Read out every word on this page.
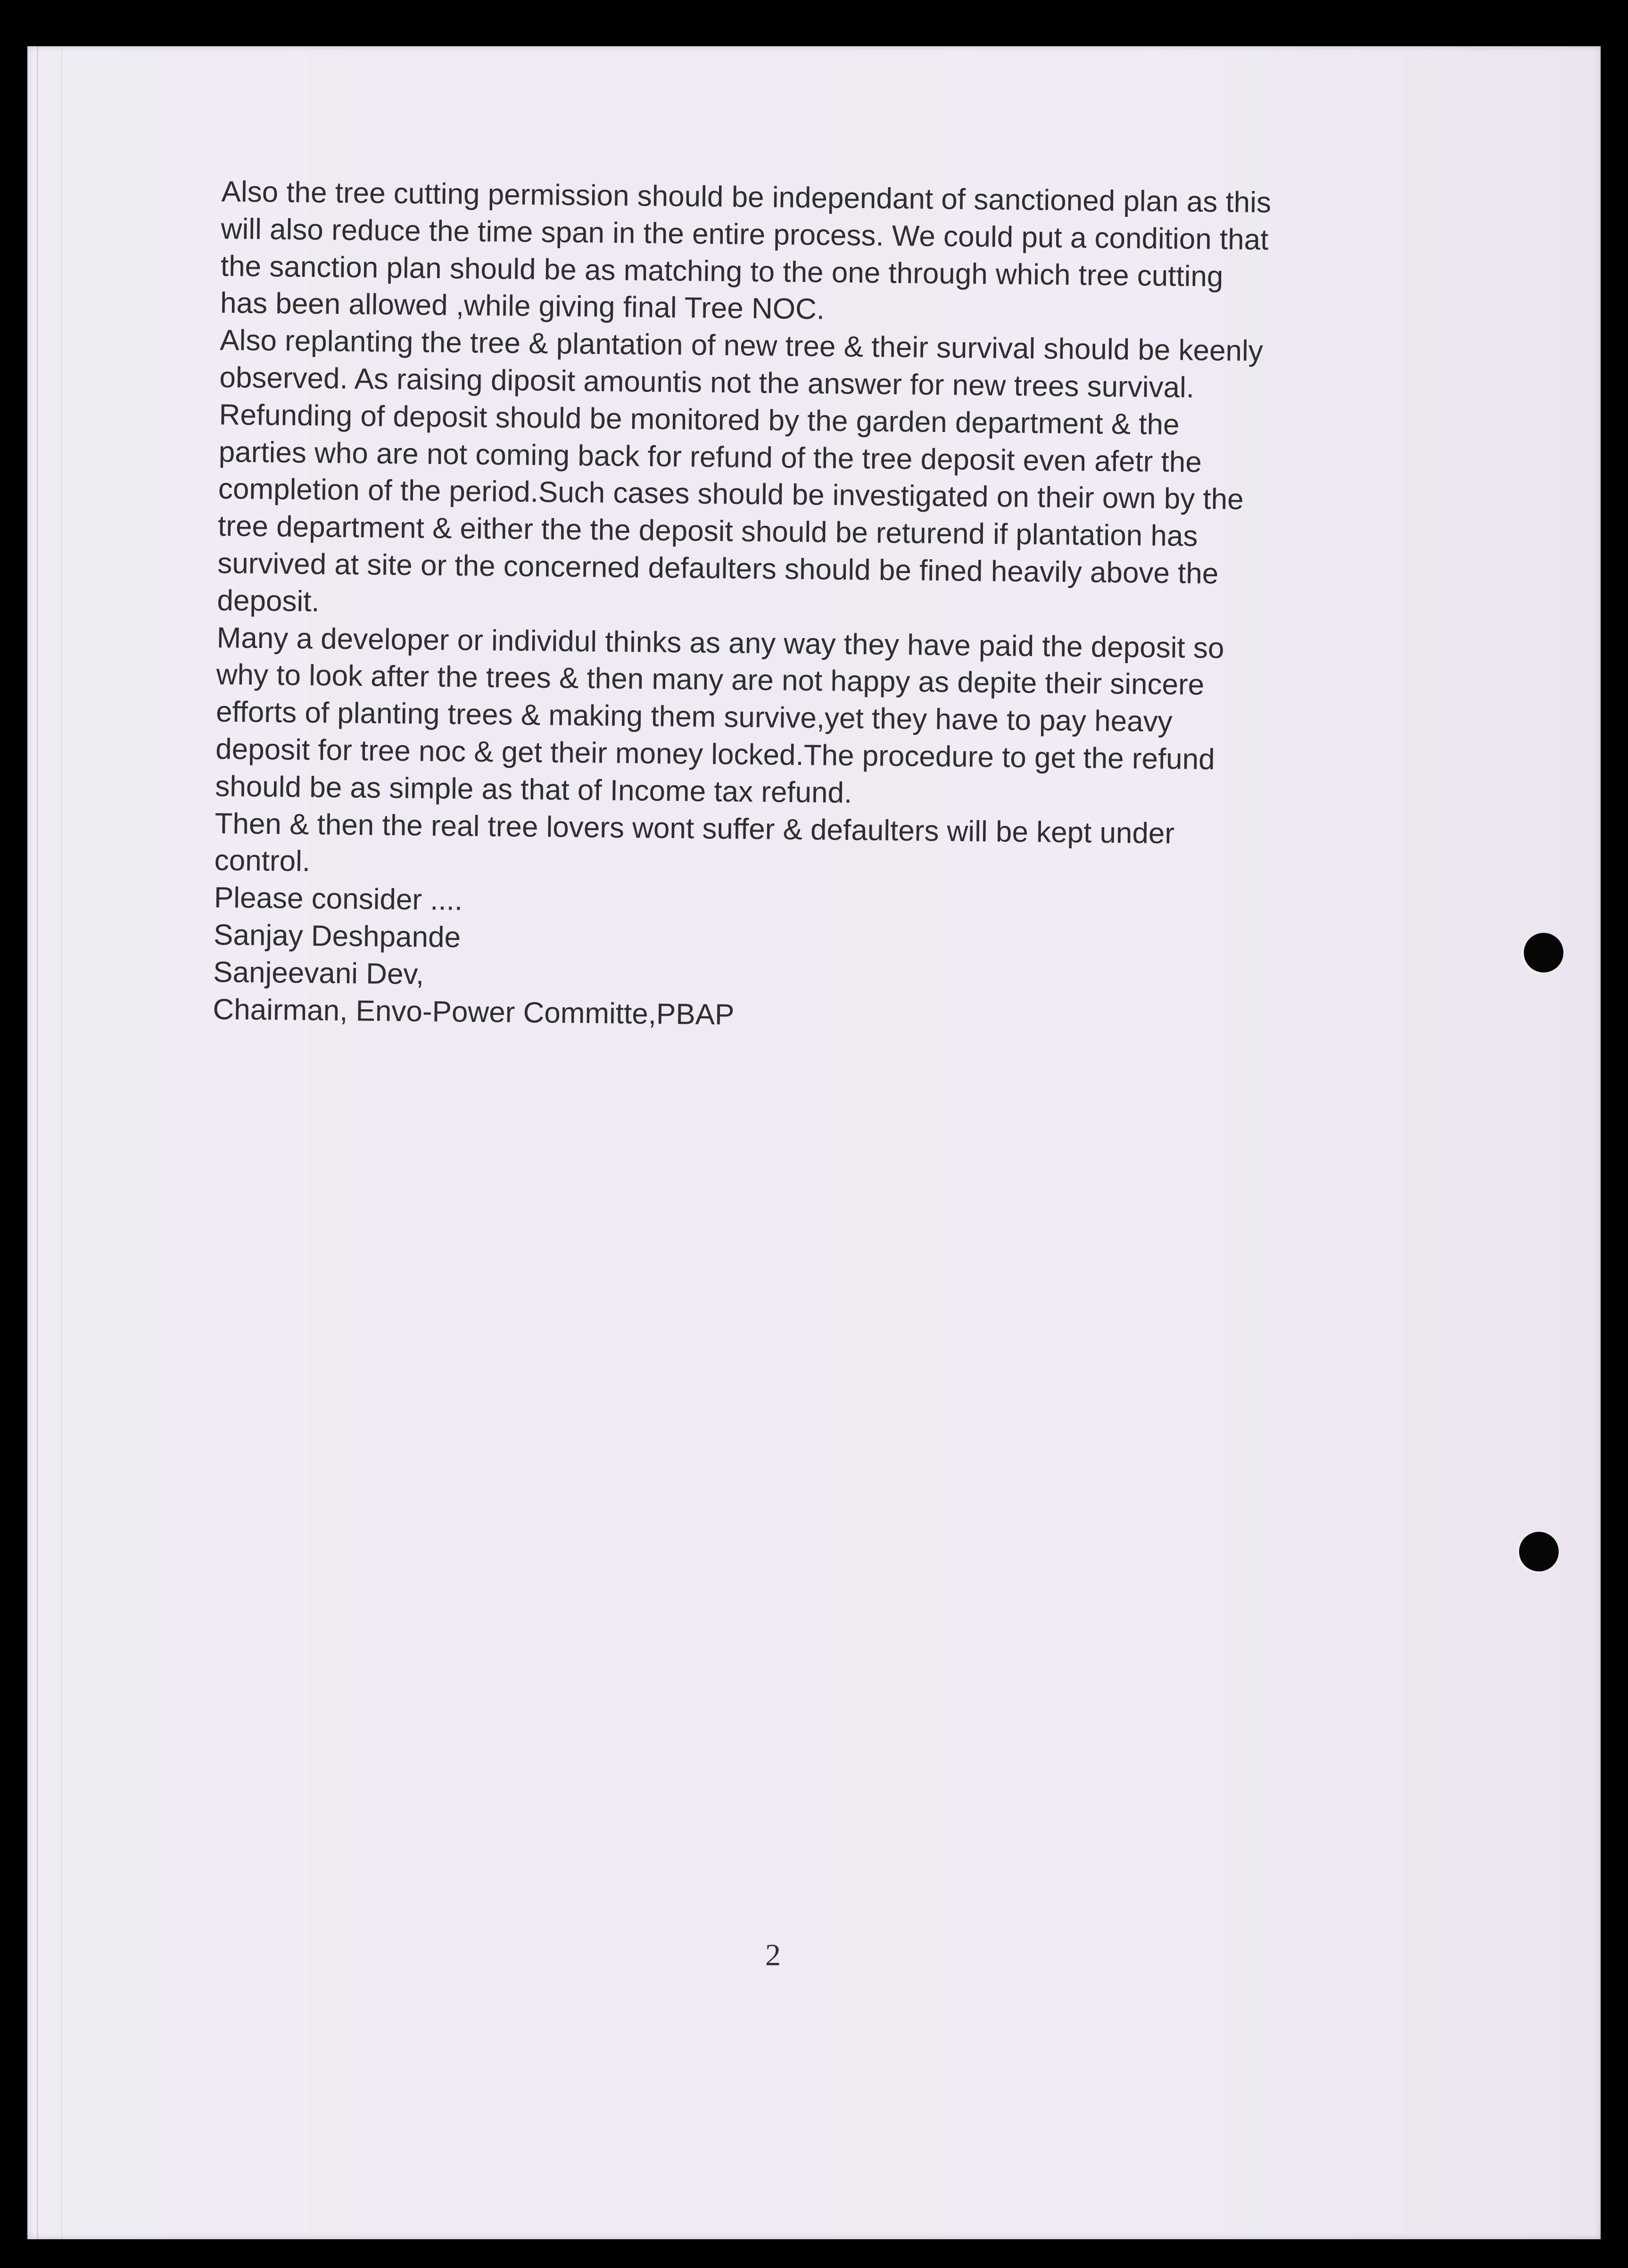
Also the tree cutting permission should be independant of sanctioned plan as this
will also reduce the time span in the entire process. We could put a condition that
the sanction plan should be as matching to the one through which tree cutting
has been allowed ,while giving final Tree NOC.
Also replanting the tree & plantation of new tree & their survival should be keenly
observed. As raising diposit amountis not the answer for new trees survival.
Refunding of deposit should be monitored by the garden department & the
parties who are not coming back for refund of the tree deposit even afetr the
completion of the period.Such cases should be investigated on their own by the
tree department & either the the deposit should be returend if plantation has
survived at site or the concerned defaulters should be fined heavily above the
deposit.
Many a developer or individul thinks as any way they have paid the deposit so
why to look after the trees & then many are not happy as depite their sincere
efforts of planting trees & making them survive,yet they have to pay heavy
deposit for tree noc & get their money locked.The procedure to get the refund
should be as simple as that of Income tax refund.
Then & then the real tree lovers wont suffer & defaulters will be kept under
control.
Please consider ....
Sanjay Deshpande
Sanjeevani Dev,
Chairman, Envo-Power Committe,PBAP
2
